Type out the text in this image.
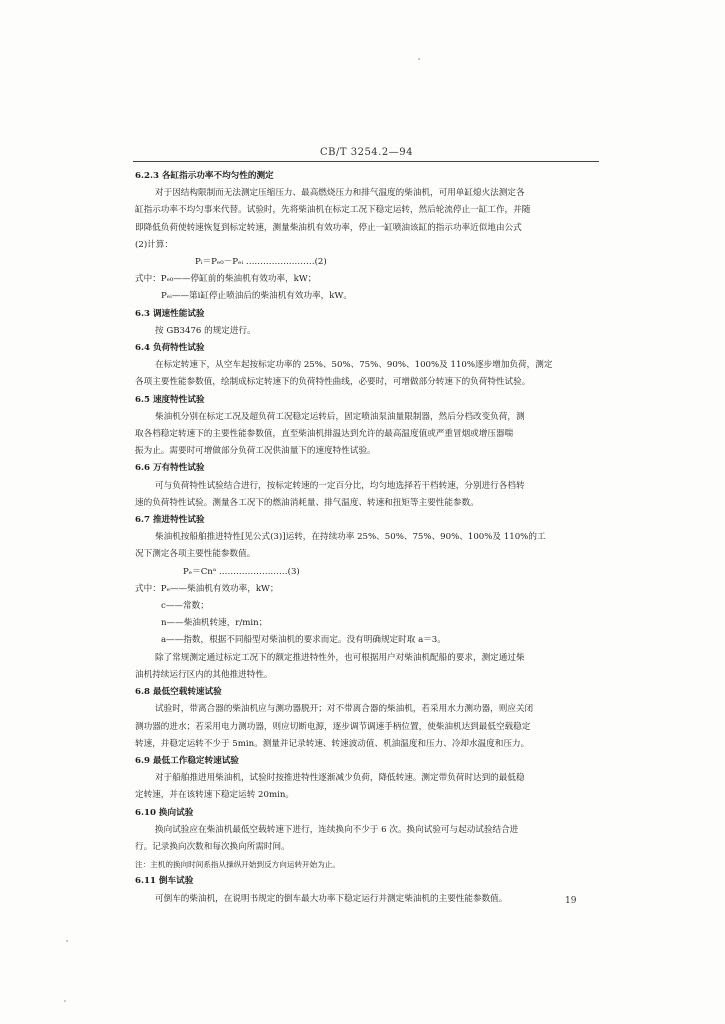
CB/T 3254.2—94

6.2.3 各缸指示功率不均匀性的测定

对于因结构限制而无法测定压缩压力、最高燃烧压力和排气温度的柴油机，可用单缸熄火法测定各

缸指示功率不均匀事来代替。试验时，先将柴油机在标定工况下稳定运转，然后轮流停止一缸工作，并随

即降低负荷使转速恢复到标定转速，测量柴油机有效功率，停止一缸喷油该缸的指示功率近似地由公式

(2)计算：

Pᵢ＝Pₑ₀－Pₑᵢ ……………………(2)

式中：Pₑ₀——停缸前的柴油机有效功率，kW；

Pₑᵢ——第i缸停止喷油后的柴油机有效功率，kW。

6.3 调速性能试验

按 GB3476 的规定进行。

6.4 负荷特性试验

在标定转速下，从空车起按标定功率的 25%、50%、75%、90%、100%及 110%逐步增加负荷，测定

各项主要性能参数值，绘制成标定转速下的负荷特性曲线，必要时，可增做部分转速下的负荷特性试验。

6.5 速度特性试验

柴油机分别在标定工况及超负荷工况稳定运转后，固定喷油泵油量限制器，然后分档改变负荷，测

取各档稳定转速下的主要性能参数值，直至柴油机排温达到允许的最高温度值或严重冒烟或增压器喘

振为止。需要时可增做部分负荷工况供油量下的速度特性试验。

6.6 万有特性试验

可与负荷特性试验结合进行，按标定转速的一定百分比，均匀地选择若干档转速，分别进行各档转

速的负荷特性试验。测量各工况下的燃油消耗量、排气温度、转速和扭矩等主要性能参数。

6.7 推进特性试验

柴油机按船舶推进特性[见公式(3)]运转，在持续功率 25%、50%、75%、90%、100%及 110%的工

况下测定各项主要性能参数值。

Pₑ＝Cnᵃ ……………………(3)

式中：Pₑ——柴油机有效功率，kW；

c——常数；

n——柴油机转速，r/min；

a——指数，根据不同船型对柴油机的要求而定。没有明确规定时取 a＝3。

除了常规测定通过标定工况下的额定推进特性外，也可根据用户对柴油机配船的要求，测定通过柴

油机持续运行区内的其他推进特性。

6.8 最低空载转速试验

试验时，带离合器的柴油机应与测功器脱开；对不带离合器的柴油机，若采用水力测功器，则应关闭

测功器的进水；若采用电力测功器，则应切断电源，逐步调节调速手柄位置，使柴油机达到最低空载稳定

转速，并稳定运转不少于 5min。测量并记录转速、转速波动值、机油温度和压力、冷却水温度和压力。

6.9 最低工作稳定转速试验

对于船舶推进用柴油机，试验时按推进特性逐渐减少负荷，降低转速。测定带负荷时达到的最低稳

定转速，并在该转速下稳定运转 20min。

6.10 换向试验

换向试验应在柴油机最低空载转速下进行，连续换向不少于 6 次。换向试验可与起动试验结合进

行。记录换向次数和每次换向所需时间。

注：主机的换向时间系指从操纵开始到反方向运转开始为止。

6.11 倒车试验

可倒车的柴油机，在说明书规定的倒车最大功率下稳定运行并测定柴油机的主要性能参数值。	19
